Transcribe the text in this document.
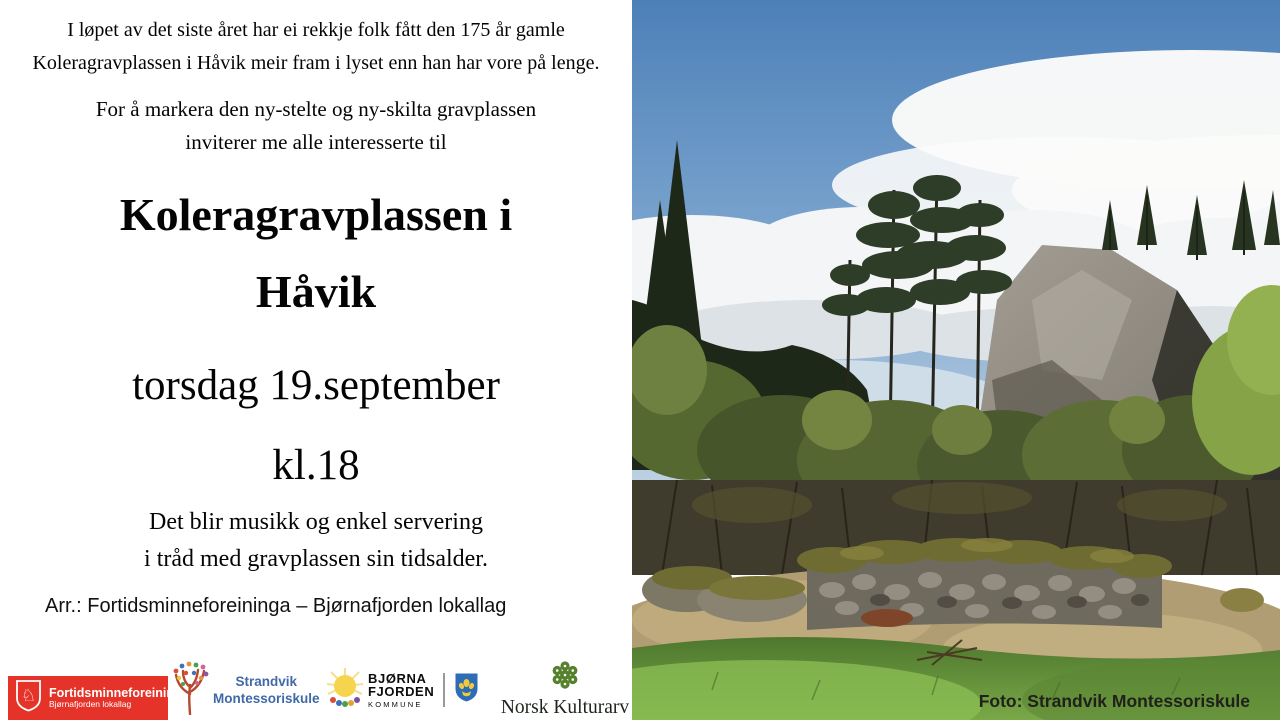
I løpet av det siste året har ei rekkje folk fått den 175 år gamle
Koleragravplassen i Håvik meir fram i lyset enn han har vore på lenge.
For å markera den ny-stelte og ny-skilta gravplassen
inviterer me alle interesserte til
Koleragravplassen i
Håvik
torsdag 19.september
kl.18
Det blir musikk og enkel servering
i tråd med gravplassen sin tidsalder.
Arr.: Fortidsminneforeininga – Bjørnafjorden lokallag
♘ Fortidsminneforeininga
Bjørnafjorden lokallag
Strandvik
Montessoriskule
BJØRNA
FJORDEN
KOMMUNE	Norsk Kulturarv	Foto: Strandvik Montessoriskule
